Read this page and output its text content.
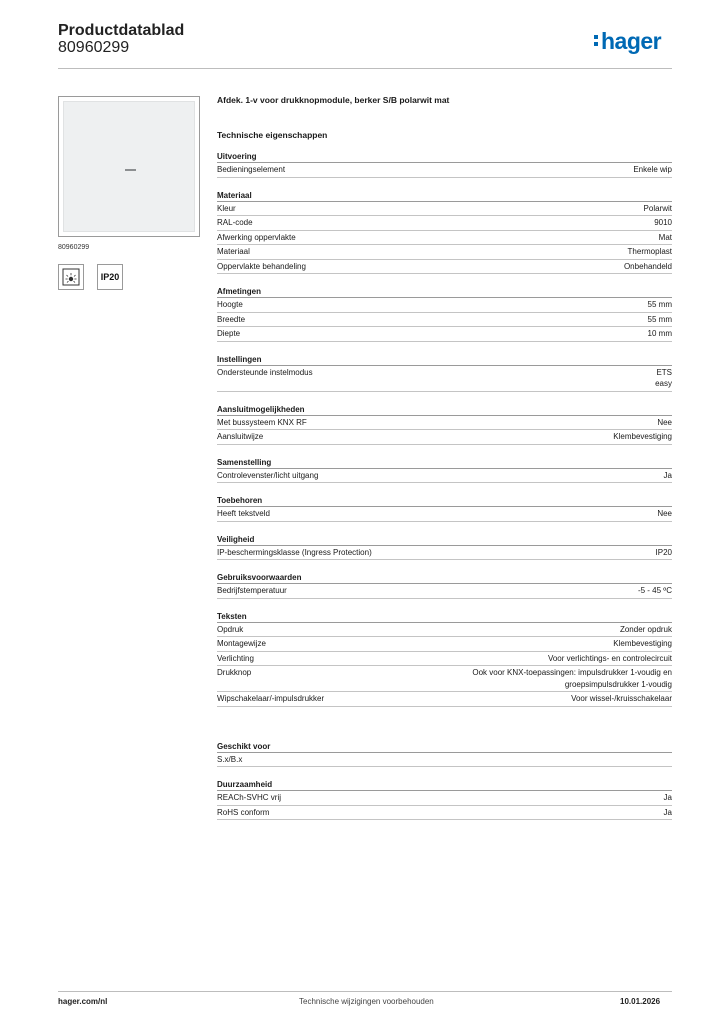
Productdatablad
80960299	hager
80960299
IP20
Afdek. 1-v voor drukknopmodule, berker S/B polarwit mat
Technische eigenschappen
Uitvoering
Bedieningselement	Enkele wip
Materiaal
Kleur	Polarwit
RAL-code	9010
Afwerking oppervlakte	Mat
Materiaal	Thermoplast
Oppervlakte behandeling	Onbehandeld
Afmetingen
Hoogte	55 mm
Breedte	55 mm
Diepte	10 mm
Instellingen
Ondersteunde instelmodus	ETS
easy
Aansluitmogelijkheden
Met bussysteem KNX RF	Nee
Aansluitwijze	Klembevestiging
Samenstelling
Controlevenster/licht uitgang	Ja
Toebehoren
Heeft tekstveld	Nee
Veiligheid
IP-beschermingsklasse (Ingress Protection)	IP20
Gebruiksvoorwaarden
Bedrijfstemperatuur	-5 - 45 ºC
Teksten
Opdruk	Zonder opdruk
Montagewijze	Klembevestiging
Verlichting	Voor verlichtings- en controlecircuit
Drukknop	Ook voor KNX-toepassingen: impulsdrukker 1-voudig en
groepsimpulsdrukker 1-voudig
Wipschakelaar/-impulsdrukker	Voor wissel-/kruisschakelaar
Geschikt voor
S.x/B.x
Duurzaamheid
REACh-SVHC vrij	Ja
RoHS conform	Ja
hager.com/nl	Technische wijzigingen voorbehouden	10.01.2026
